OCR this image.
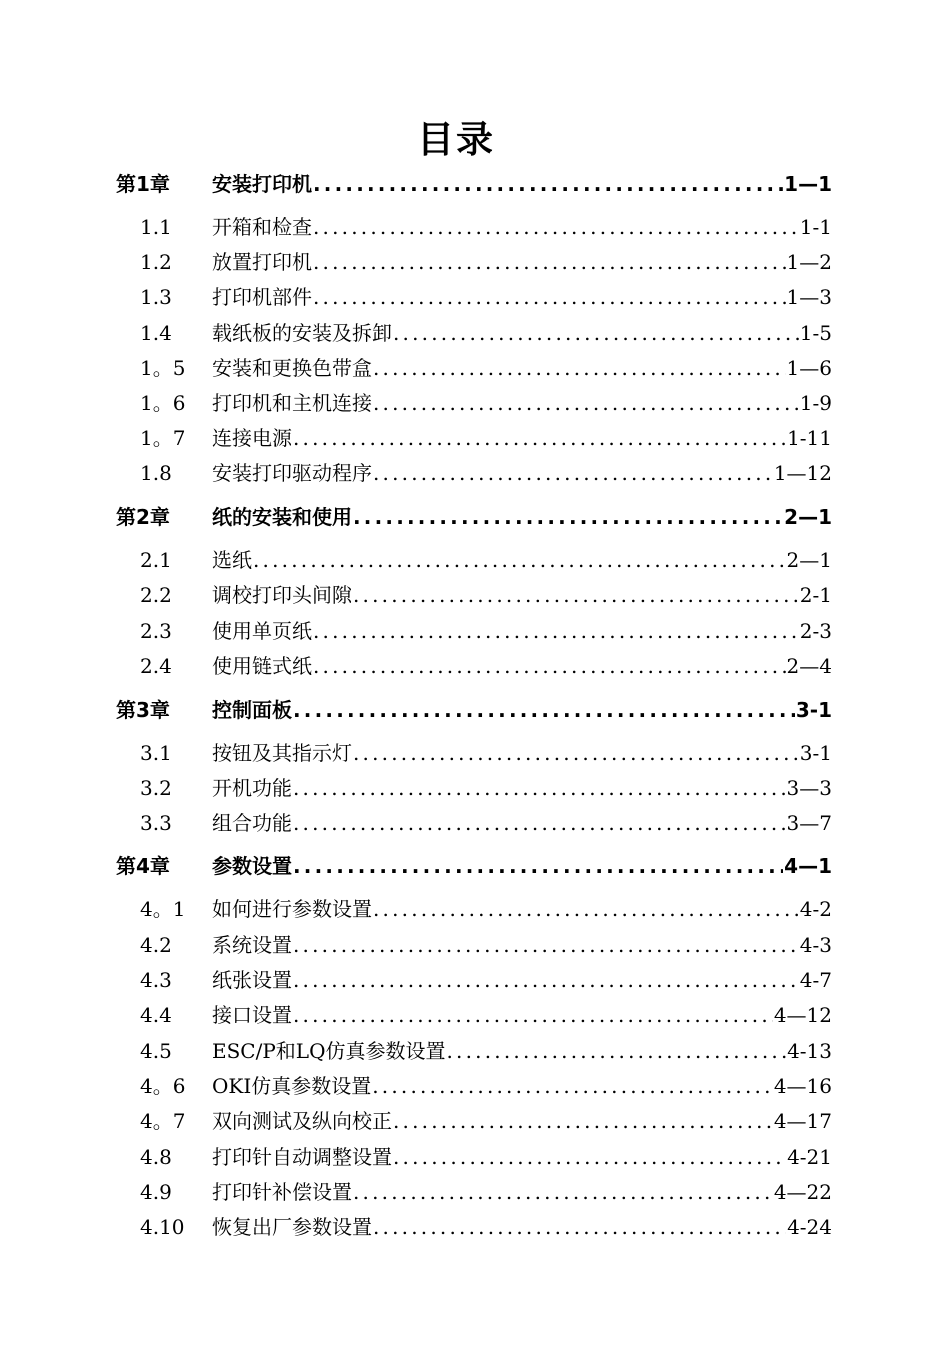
目录
第1章 安装打印机 .....	1—1
1.1 开箱和检查 .....	1-1
1.2 放置打印机 .....	1—2
1.3 打印机部件 .....	1—3
1.4 载纸板的安装及拆卸 .....	1-5
1。5 安装和更换色带盒 .....	1—6
1。6 打印机和主机连接 .....	1-9
1。7 连接电源 .....	1-11
1.8 安装打印驱动程序 .....	1—12
第2章 纸的安装和使用 .....	2—1
2.1 选纸 .....	2—1
2.2 调校打印头间隙 .....	2-1
2.3 使用单页纸 .....	2-3
2.4 使用链式纸 .....	2—4
第3章 控制面板 .....	3-1
3.1 按钮及其指示灯 .....	3-1
3.2 开机功能 .....	3—3
3.3 组合功能 .....	3—7
第4章 参数设置 .....	4—1
4。1 如何进行参数设置 .....	4-2
4.2 系统设置 .....	4-3
4.3 纸张设置 .....	4-7
4.4 接口设置 .....	4—12
4.5 ESC/P和LQ仿真参数设置 .....	4-13
4。6 OKI仿真参数设置 .....	4—16
4。7 双向测试及纵向校正 .....	4—17
4.8 打印针自动调整设置 .....	4-21
4.9 打印针补偿设置 .....	4—22
4.10 恢复出厂参数设置 .....	4-24
